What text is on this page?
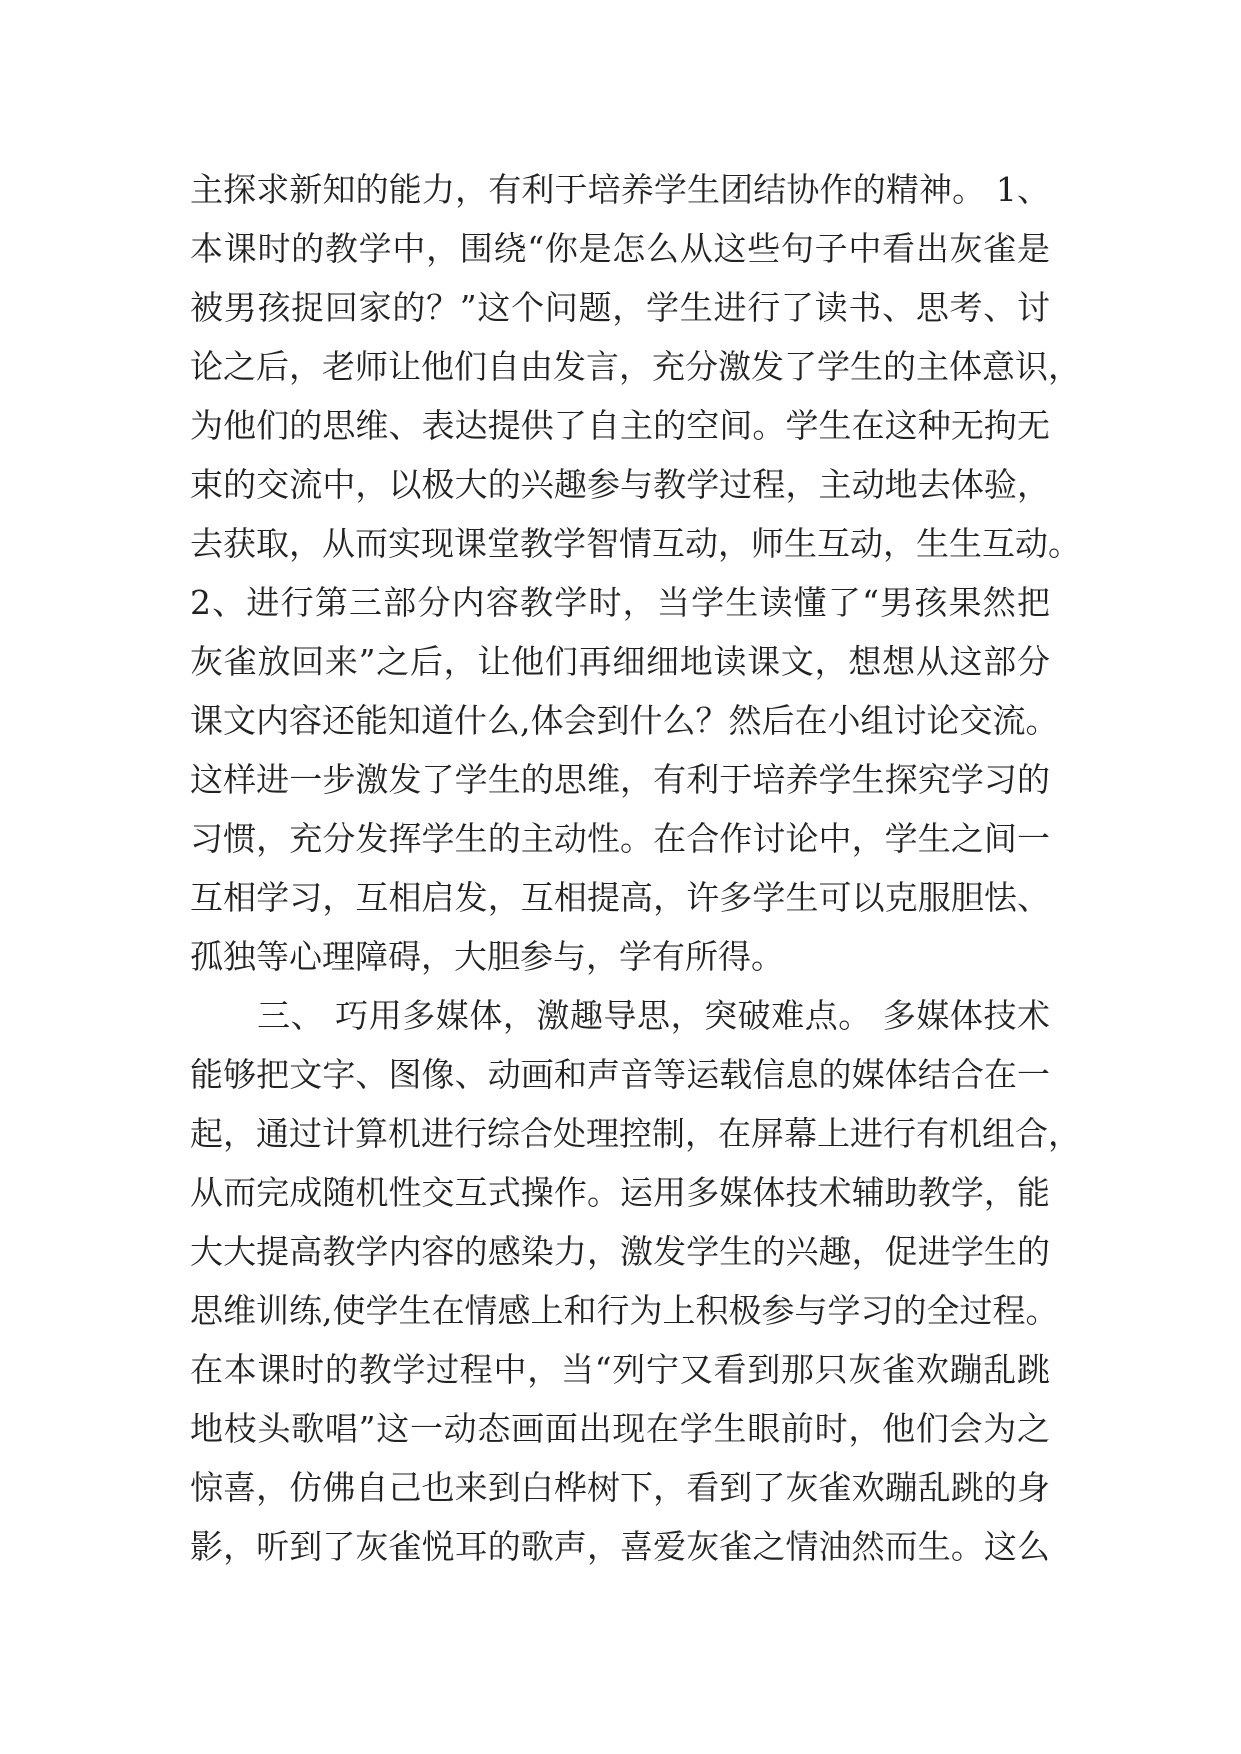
主探求新知的能力，有利于培养学生团结协作的精神。 1、
本课时的教学中，围绕“你是怎么从这些句子中看出灰雀是
被男孩捉回家的？”这个问题，学生进行了读书、思考、讨
论之后，老师让他们自由发言，充分激发了学生的主体意识，
为他们的思维、表达提供了自主的空间。学生在这种无拘无
束的交流中，以极大的兴趣参与教学过程，主动地去体验，
去获取，从而实现课堂教学智情互动，师生互动，生生互动。
2、进行第三部分内容教学时，当学生读懂了“男孩果然把
灰雀放回来”之后，让他们再细细地读课文，想想从这部分
课文内容还能知道什么,体会到什么？然后在小组讨论交流。
这样进一步激发了学生的思维，有利于培养学生探究学习的
习惯，充分发挥学生的主动性。在合作讨论中，学生之间一
互相学习，互相启发，互相提高，许多学生可以克服胆怯、
孤独等心理障碍，大胆参与，学有所得。
　　三、 巧用多媒体，激趣导思，突破难点。 多媒体技术
能够把文字、图像、动画和声音等运载信息的媒体结合在一
起，通过计算机进行综合处理控制，在屏幕上进行有机组合，
从而完成随机性交互式操作。运用多媒体技术辅助教学，能
大大提高教学内容的感染力，激发学生的兴趣，促进学生的
思维训练,使学生在情感上和行为上积极参与学习的全过程。
在本课时的教学过程中，当“列宁又看到那只灰雀欢蹦乱跳
地枝头歌唱”这一动态画面出现在学生眼前时，他们会为之
惊喜，仿佛自己也来到白桦树下，看到了灰雀欢蹦乱跳的身
影，听到了灰雀悦耳的歌声，喜爱灰雀之情油然而生。这么
